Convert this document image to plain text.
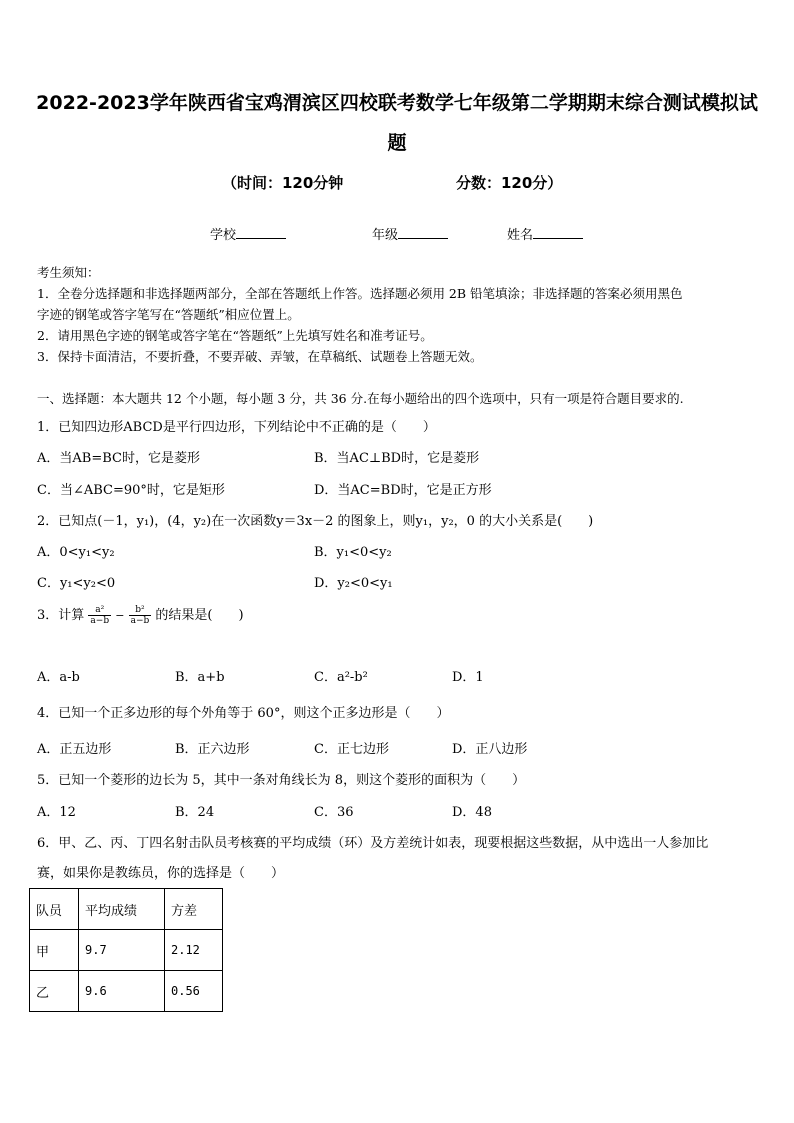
2022-2023学年陕西省宝鸡渭滨区四校联考数学七年级第二学期期末综合测试模拟试
题
（时间：120分钟	分数：120分）
学校	年级	姓名
考生须知：
1．全卷分选择题和非选择题两部分，全部在答题纸上作答。选择题必须用 2B 铅笔填涂；非选择题的答案必须用黑色
字迹的钢笔或答字笔写在“答题纸”相应位置上。
2．请用黑色字迹的钢笔或答字笔在“答题纸”上先填写姓名和准考证号。
3．保持卡面清洁，不要折叠，不要弄破、弄皱，在草稿纸、试题卷上答题无效。
一、选择题：本大题共 12 个小题，每小题 3 分，共 36 分.在每小题给出的四个选项中，只有一项是符合题目要求的.
1．已知四边形ABCD是平行四边形，下列结论中不正确的是（　　）
A．当AB=BC时，它是菱形	B．当AC⊥BD时，它是菱形
C．当∠ABC=90°时，它是矩形	D．当AC=BD时，它是正方形
2．已知点(－1，y₁)，(4，y₂)在一次函数y＝3x－2 的图象上，则y₁，y₂，0 的大小关系是(　　)
A．0<y₁<y₂	B．y₁<0<y₂
C．y₁<y₂<0	D．y₂<0<y₁
3．计算 $\frac{\text{a²}}{a-b} - \frac{\text{b²}}{a-b}$ 的结果是(　　)
A．a-b	B．a+b	C．a²-b²	D．1
4．已知一个正多边形的每个外角等于 60°，则这个正多边形是（　　）
A．正五边形	B．正六边形	C．正七边形	D．正八边形
5．已知一个菱形的边长为 5，其中一条对角线长为 8，则这个菱形的面积为（　　）
A．12	B．24	C．36	D．48
6．甲、乙、丙、丁四名射击队员考核赛的平均成绩（环）及方差统计如表，现要根据这些数据，从中选出一人参加比
赛，如果你是教练员，你的选择是（　　）
队员	平均成绩	方差
甲	9.7	2.12
乙	9.6	0.56
